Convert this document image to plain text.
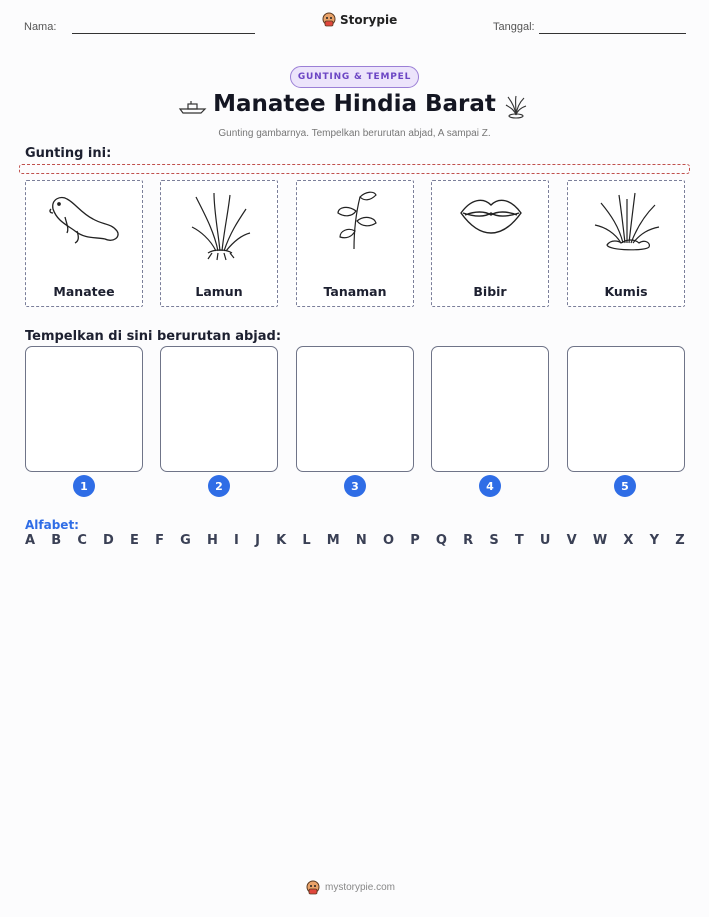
Nama:
Storypie
Tanggal:
GUNTING & TEMPEL
Manatee Hindia Barat
Gunting gambarnya. Tempelkan berurutan abjad, A sampai Z.
Gunting ini:
Manatee	Lamun	Tanaman	Bibir	Kumis
Tempelkan di sini berurutan abjad:
1	2	3	4	5
Alfabet:
A B C D E F G H I J K L M N O P Q R S T U V W X Y Z
mystorypie.com
